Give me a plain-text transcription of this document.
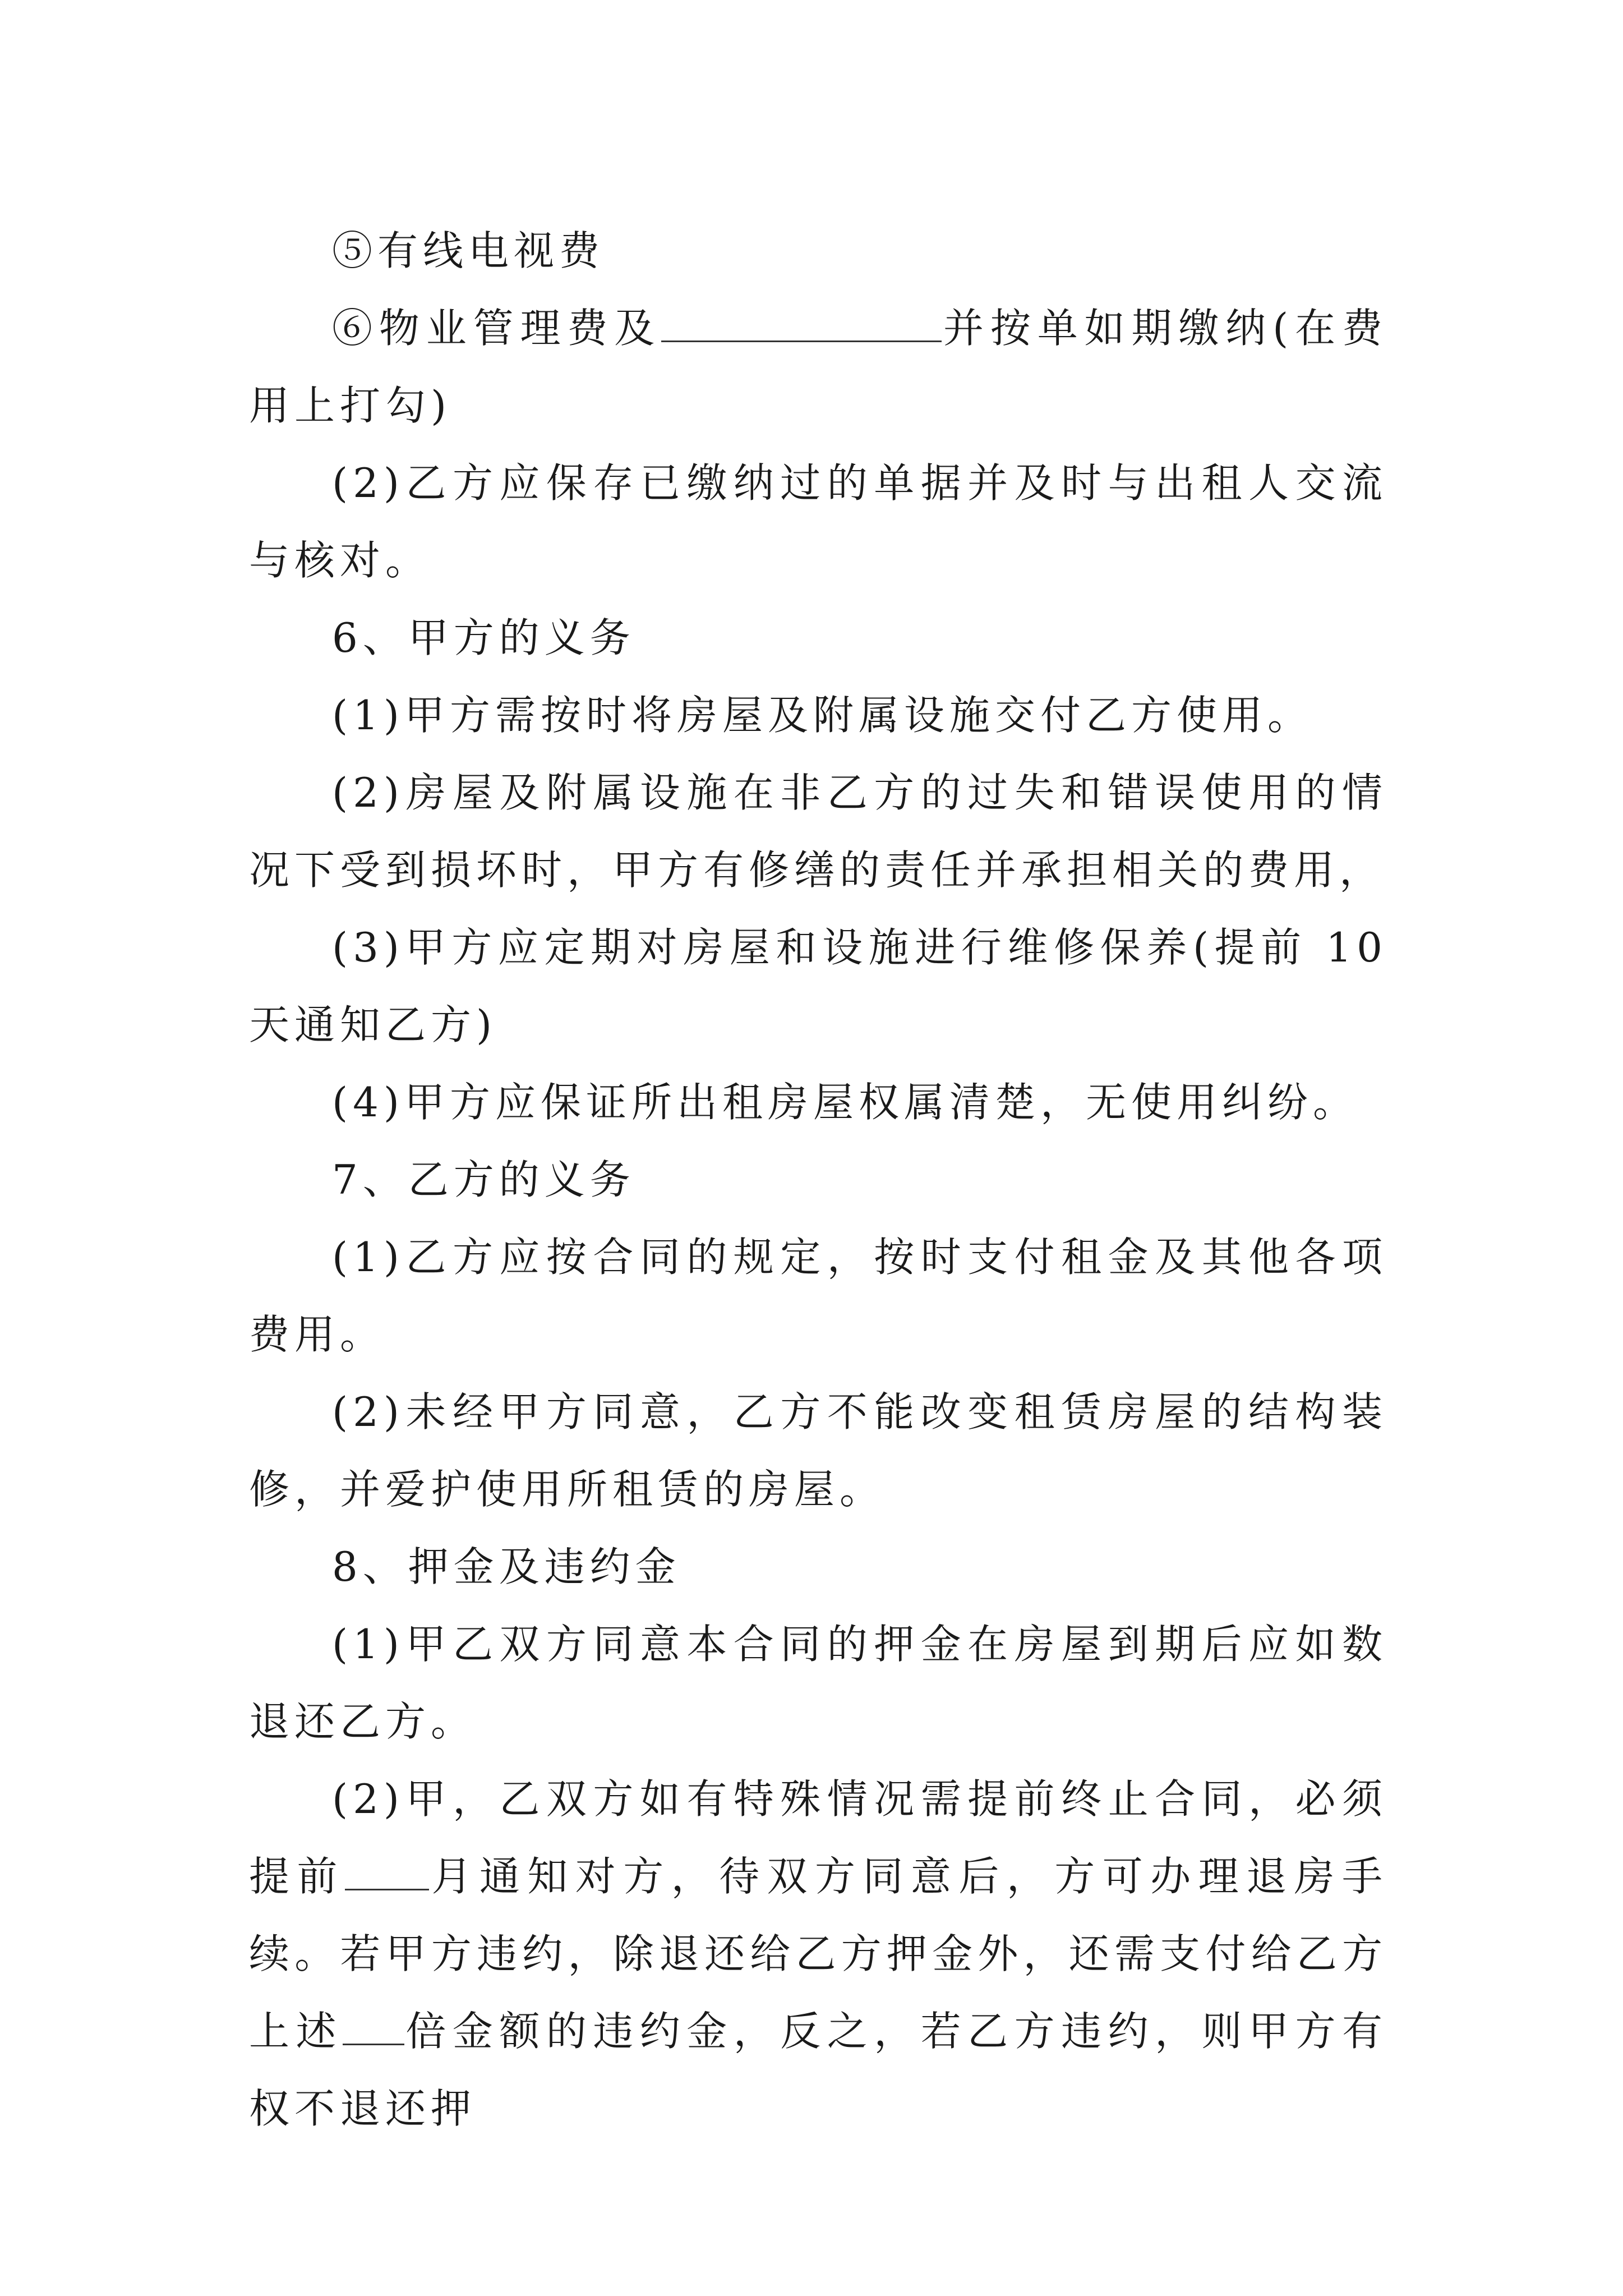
⑤有线电视费

⑥物业管理费及	并按单如期缴纳(在费用上打勾)

(2)乙方应保存已缴纳过的单据并及时与出租人交流与核对。

6、甲方的义务

(1)甲方需按时将房屋及附属设施交付乙方使用。

(2)房屋及附属设施在非乙方的过失和错误使用的情况下受到损坏时，甲方有修缮的责任并承担相关的费用，

(3)甲方应定期对房屋和设施进行维修保养(提前 10 天通知乙方)

(4)甲方应保证所出租房屋权属清楚，无使用纠纷。

7、乙方的义务

(1)乙方应按合同的规定，按时支付租金及其他各项费用。

(2)未经甲方同意，乙方不能改变租赁房屋的结构装修，并爱护使用所租赁的房屋。

8、押金及违约金

(1)甲乙双方同意本合同的押金在房屋到期后应如数退还乙方。

(2)甲，乙双方如有特殊情况需提前终止合同，必须提前 月通知对方，待双方同意后，方可办理退房手续。若甲方违约，除退还给乙方押金外，还需支付给乙方上述 倍金额的违约金，反之，若乙方违约，则甲方有权不退还押
